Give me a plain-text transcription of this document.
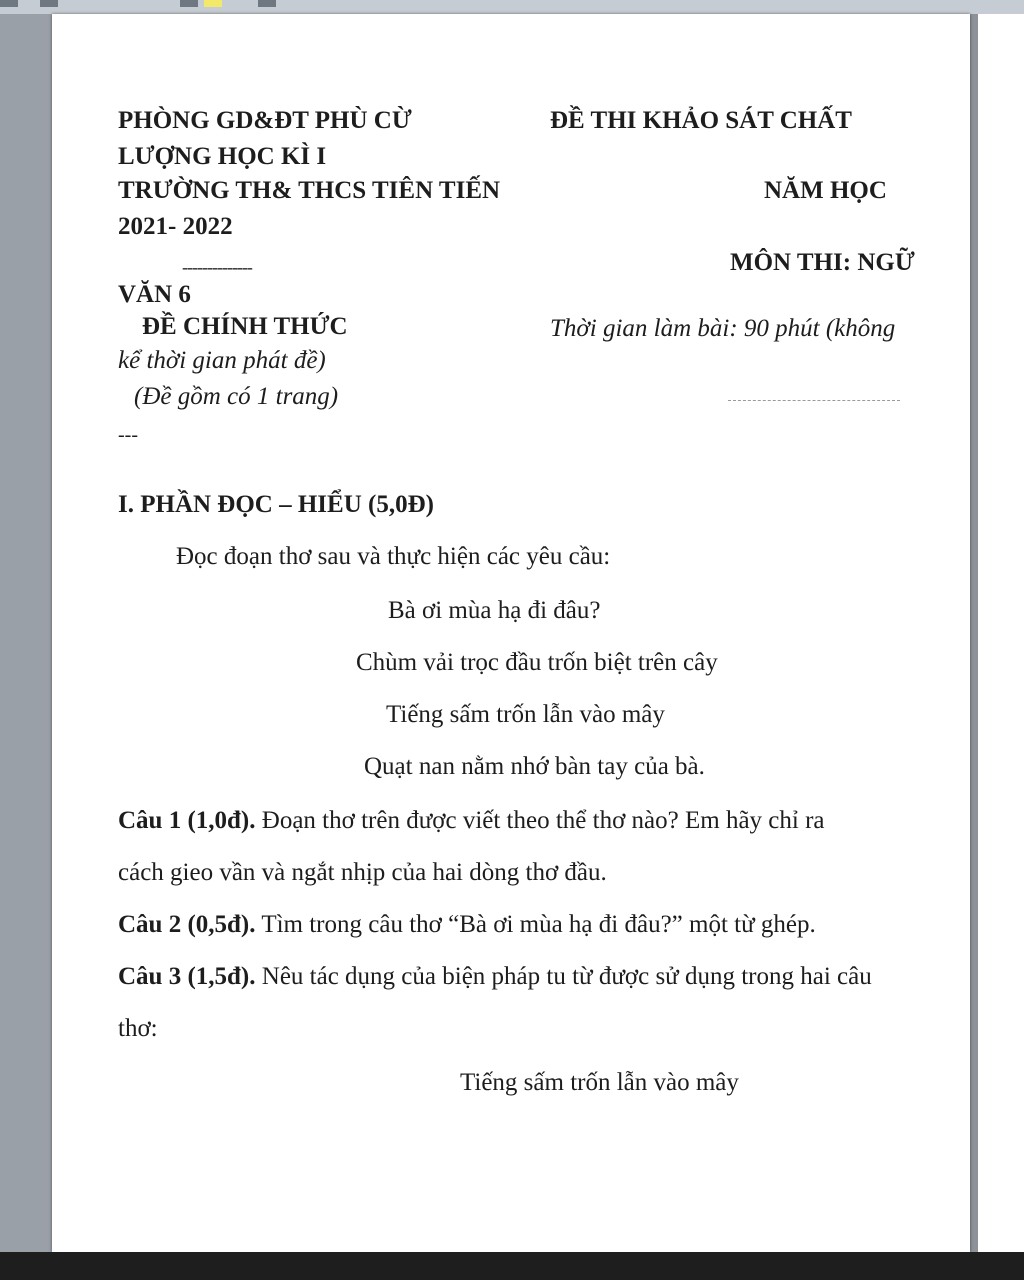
PHÒNG GD&ĐT PHÙ CỪ	ĐỀ THI KHẢO SÁT CHẤT
LƯỢNG HỌC KÌ I
TRƯỜNG TH& THCS TIÊN TIẾN	NĂM HỌC
2021- 2022
--------------	MÔN THI: NGỮ
VĂN 6
ĐỀ CHÍNH THỨC	Thời gian làm bài: 90 phút (không
kể thời gian phát đề)
(Đề gồm có 1 trang)
---
I. PHẦN ĐỌC – HIỂU (5,0Đ)
Đọc đoạn thơ sau và thực hiện các yêu cầu:
Bà ơi mùa hạ đi đâu?
Chùm vải trọc đầu trốn biệt trên cây
Tiếng sấm trốn lẫn vào mây
Quạt nan nằm nhớ bàn tay của bà.
Câu 1 (1,0đ). Đoạn thơ trên được viết theo thể thơ nào? Em hãy chỉ ra
cách gieo vần và ngắt nhịp của hai dòng thơ đầu.
Câu 2 (0,5đ). Tìm trong câu thơ “Bà ơi mùa hạ đi đâu?” một từ ghép.
Câu 3 (1,5đ). Nêu tác dụng của biện pháp tu từ được sử dụng trong hai câu
thơ:
Tiếng sấm trốn lẫn vào mây
